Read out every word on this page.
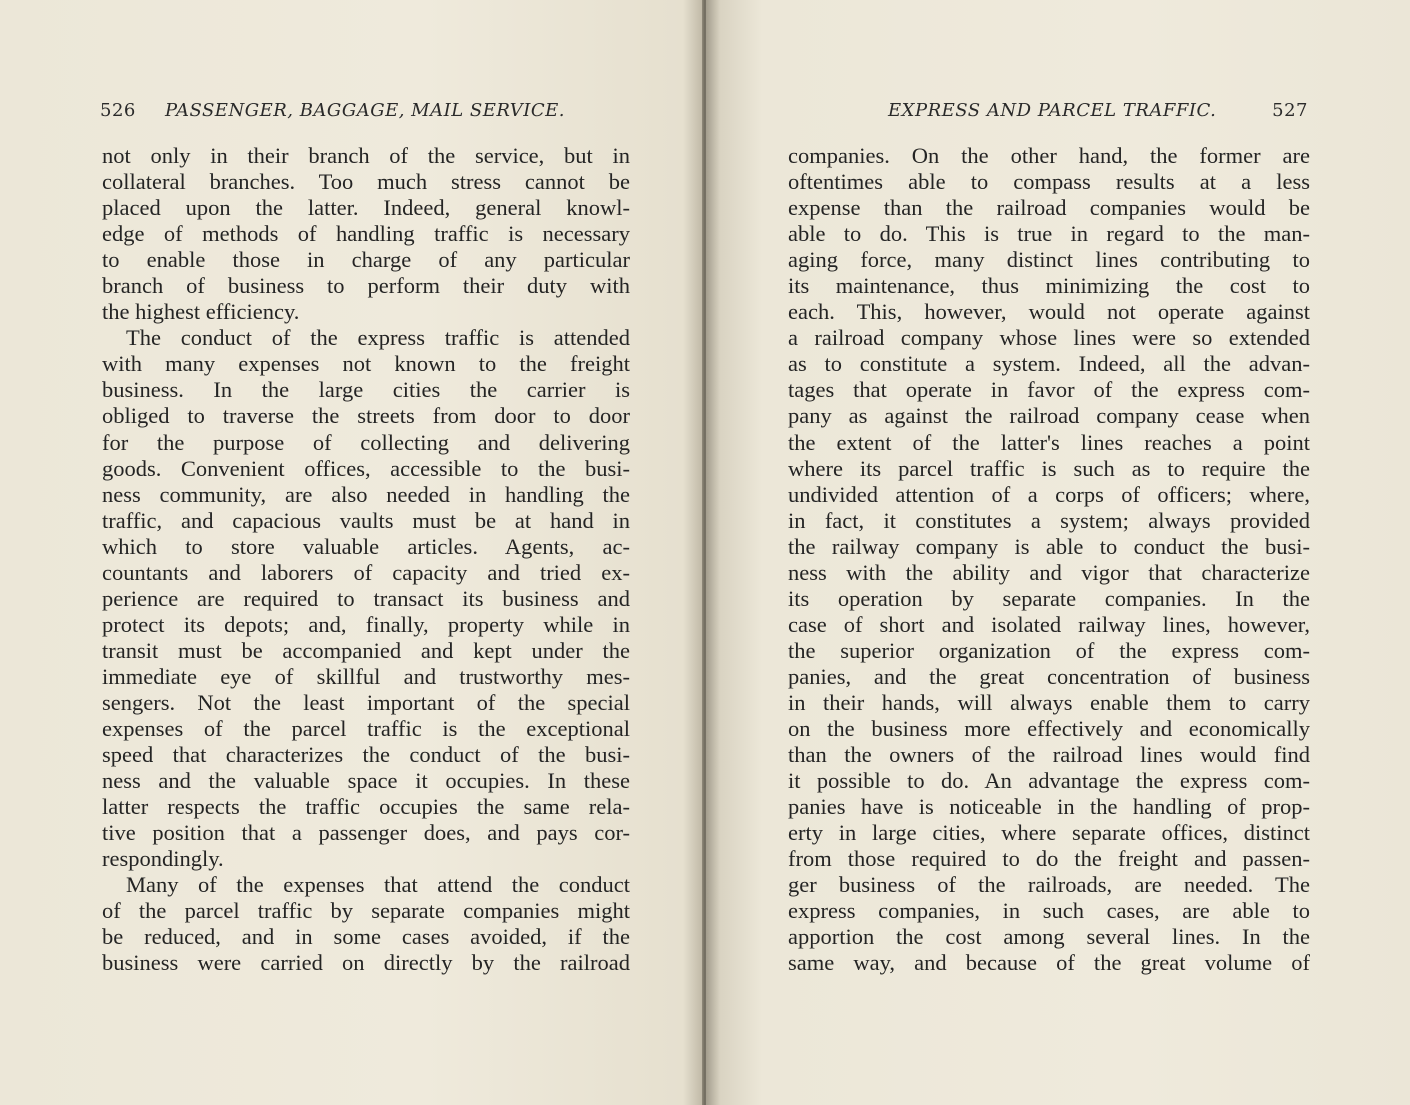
526 PASSENGER, BAGGAGE, MAIL SERVICE.
not only in their branch of the service, but in
collateral branches. Too much stress cannot be
placed upon the latter. Indeed, general knowl-
edge of methods of handling traffic is necessary
to enable those in charge of any particular
branch of business to perform their duty with
the highest efficiency.
The conduct of the express traffic is attended
with many expenses not known to the freight
business. In the large cities the carrier is
obliged to traverse the streets from door to door
for the purpose of collecting and delivering
goods. Convenient offices, accessible to the busi-
ness community, are also needed in handling the
traffic, and capacious vaults must be at hand in
which to store valuable articles. Agents, ac-
countants and laborers of capacity and tried ex-
perience are required to transact its business and
protect its depots; and, finally, property while in
transit must be accompanied and kept under the
immediate eye of skillful and trustworthy mes-
sengers. Not the least important of the special
expenses of the parcel traffic is the exceptional
speed that characterizes the conduct of the busi-
ness and the valuable space it occupies. In these
latter respects the traffic occupies the same rela-
tive position that a passenger does, and pays cor-
respondingly.
Many of the expenses that attend the conduct
of the parcel traffic by separate companies might
be reduced, and in some cases avoided, if the
business were carried on directly by the railroad
EXPRESS AND PARCEL TRAFFIC.	527
companies. On the other hand, the former are
oftentimes able to compass results at a less
expense than the railroad companies would be
able to do. This is true in regard to the man-
aging force, many distinct lines contributing to
its maintenance, thus minimizing the cost to
each. This, however, would not operate against
a railroad company whose lines were so extended
as to constitute a system. Indeed, all the advan-
tages that operate in favor of the express com-
pany as against the railroad company cease when
the extent of the latter's lines reaches a point
where its parcel traffic is such as to require the
undivided attention of a corps of officers; where,
in fact, it constitutes a system; always provided
the railway company is able to conduct the busi-
ness with the ability and vigor that characterize
its operation by separate companies. In the
case of short and isolated railway lines, however,
the superior organization of the express com-
panies, and the great concentration of business
in their hands, will always enable them to carry
on the business more effectively and economically
than the owners of the railroad lines would find
it possible to do. An advantage the express com-
panies have is noticeable in the handling of prop-
erty in large cities, where separate offices, distinct
from those required to do the freight and passen-
ger business of the railroads, are needed. The
express companies, in such cases, are able to
apportion the cost among several lines. In the
same way, and because of the great volume of
